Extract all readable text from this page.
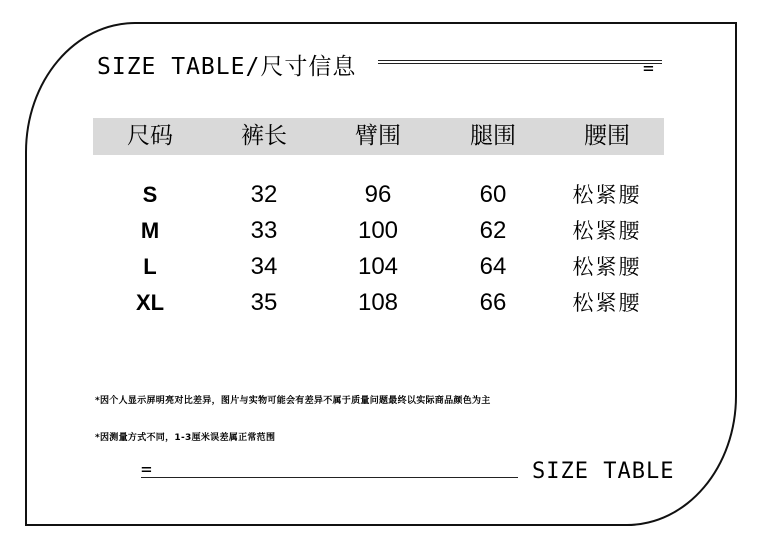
SIZE TABLE/尺寸信息	=
尺码	裤长	臂围	腿围	腰围
S	32	96	60	松紧腰
M	33	100	62	松紧腰
L	34	104	64	松紧腰
XL	35	108	66	松紧腰
*因个人显示屏明亮对比差异，图片与实物可能会有差异不属于质量问题最终以实际商品颜色为主
*因测量方式不同，1-3厘米误差属正常范围
=	SIZE TABLE
